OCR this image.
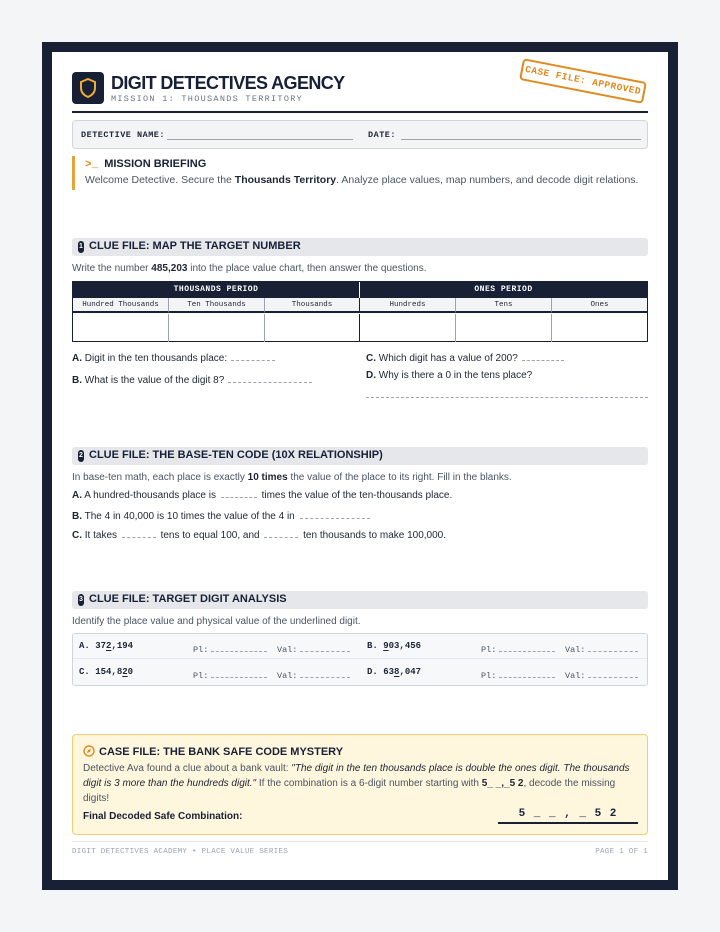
DIGIT DETECTIVES AGENCY
MISSION 1: THOUSANDS TERRITORY
CASE FILE: APPROVED
DETECTIVE NAME:	DATE:
>_ MISSION BRIEFING
Welcome Detective. Secure the Thousands Territory. Analyze place values, map numbers, and decode digit relations.
1 CLUE FILE: MAP THE TARGET NUMBER
Write the number 485,203 into the place value chart, then answer the questions.
THOUSANDS PERIOD	ONES PERIOD
Hundred Thousands	Ten Thousands	Thousands	Hundreds	Tens	Ones
A. Digit in the ten thousands place:
B. What is the value of the digit 8?
C. Which digit has a value of 200?
D. Why is there a 0 in the tens place?
2 CLUE FILE: THE BASE-TEN CODE (10X RELATIONSHIP)
In base-ten math, each place is exactly 10 times the value of the place to its right. Fill in the blanks.
A. A hundred-thousands place is	times the value of the ten-thousands place.
B. The 4 in 40,000 is 10 times the value of the 4 in
C. It takes	tens to equal 100, and	ten thousands to make 100,000.
3 CLUE FILE: TARGET DIGIT ANALYSIS
Identify the place value and physical value of the underlined digit.
A. 372,194	Pl:	Val:	B. 903,456	Pl:	Val:
C. 154,820	Pl:	Val:	D. 638,047	Pl:	Val:
CASE FILE: THE BANK SAFE CODE MYSTERY
Detective Ava found a clue about a bank vault: "The digit in the ten thousands place is double the ones digit. The thousands digit is 3 more than the hundreds digit." If the combination is a 6-digit number starting with 5_ _,_5 2, decode the missing digits!
Final Decoded Safe Combination:	5 _ _ , _ 5 2
DIGIT DETECTIVES ACADEMY • PLACE VALUE SERIES	PAGE 1 OF 1
